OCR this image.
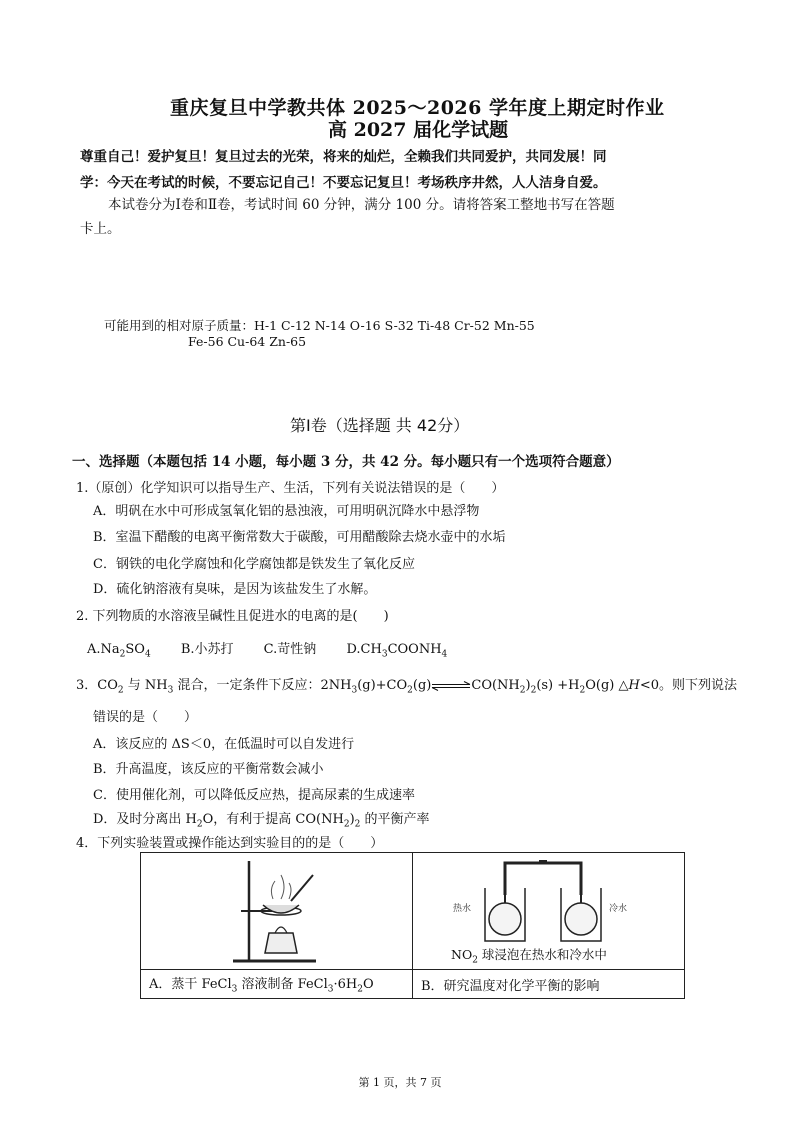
重庆复旦中学教共体 2025～2026 学年度上期定时作业
高 2027 届化学试题
尊重自己！爱护复旦！复旦过去的光荣，将来的灿烂，全赖我们共同爱护，共同发展！同
学：今天在考试的时候，不要忘记自己！不要忘记复旦！考场秩序井然，人人洁身自爱。
本试卷分为Ⅰ卷和Ⅱ卷，考试时间 60 分钟，满分 100 分。请将答案工整地书写在答题
卡上。
可能用到的相对原子质量：H-1 C-12 N-14 O-16 S-32 Ti-48 Cr-52 Mn-55
Fe-56 Cu-64 Zn-65
第Ⅰ卷（选择题 共 42分）
一、选择题（本题包括 14 小题，每小题 3 分，共 42 分。每小题只有一个选项符合题意）
1.（原创）化学知识可以指导生产、生活，下列有关说法错误的是（　　）
A．明矾在水中可形成氢氧化铝的悬浊液，可用明矾沉降水中悬浮物
B．室温下醋酸的电离平衡常数大于碳酸，可用醋酸除去烧水壶中的水垢
C．钢铁的电化学腐蚀和化学腐蚀都是铁发生了氧化反应
D．硫化钠溶液有臭味，是因为该盐发生了水解。
2. 下列物质的水溶液呈碱性且促进水的电离的是(　　)
$A.Na_2SO_4$ B.小苏打 C.苛性钠 $D.CH_3COONH_4$
3．$CO_2$ 与 $NH_3$ 混合，一定条件下反应：$2NH_3(g)+CO_2(g)\rightleftharpoons CO(NH_2)_2(s) +H_2O(g)$ △H<0。则下列说法
错误的是（　　）
A．该反应的 ΔS＜0，在低温时可以自发进行
B．升高温度，该反应的平衡常数会减小
C．使用催化剂，可以降低反应热，提高尿素的生成速率
D．及时分离出 $H_2O$，有利于提高 $CO(NH_2)_2$ 的平衡产率
4．下列实验装置或操作能达到实验目的的是（　　）

热水 冷水
$NO_2$ 球浸泡在热水和冷水中

A．蒸干 FeCl$_3$ 溶液制备 $FeCl_3\cdot 6H_2O$	B．研究温度对化学平衡的影响
第 1 页，共 7 页
